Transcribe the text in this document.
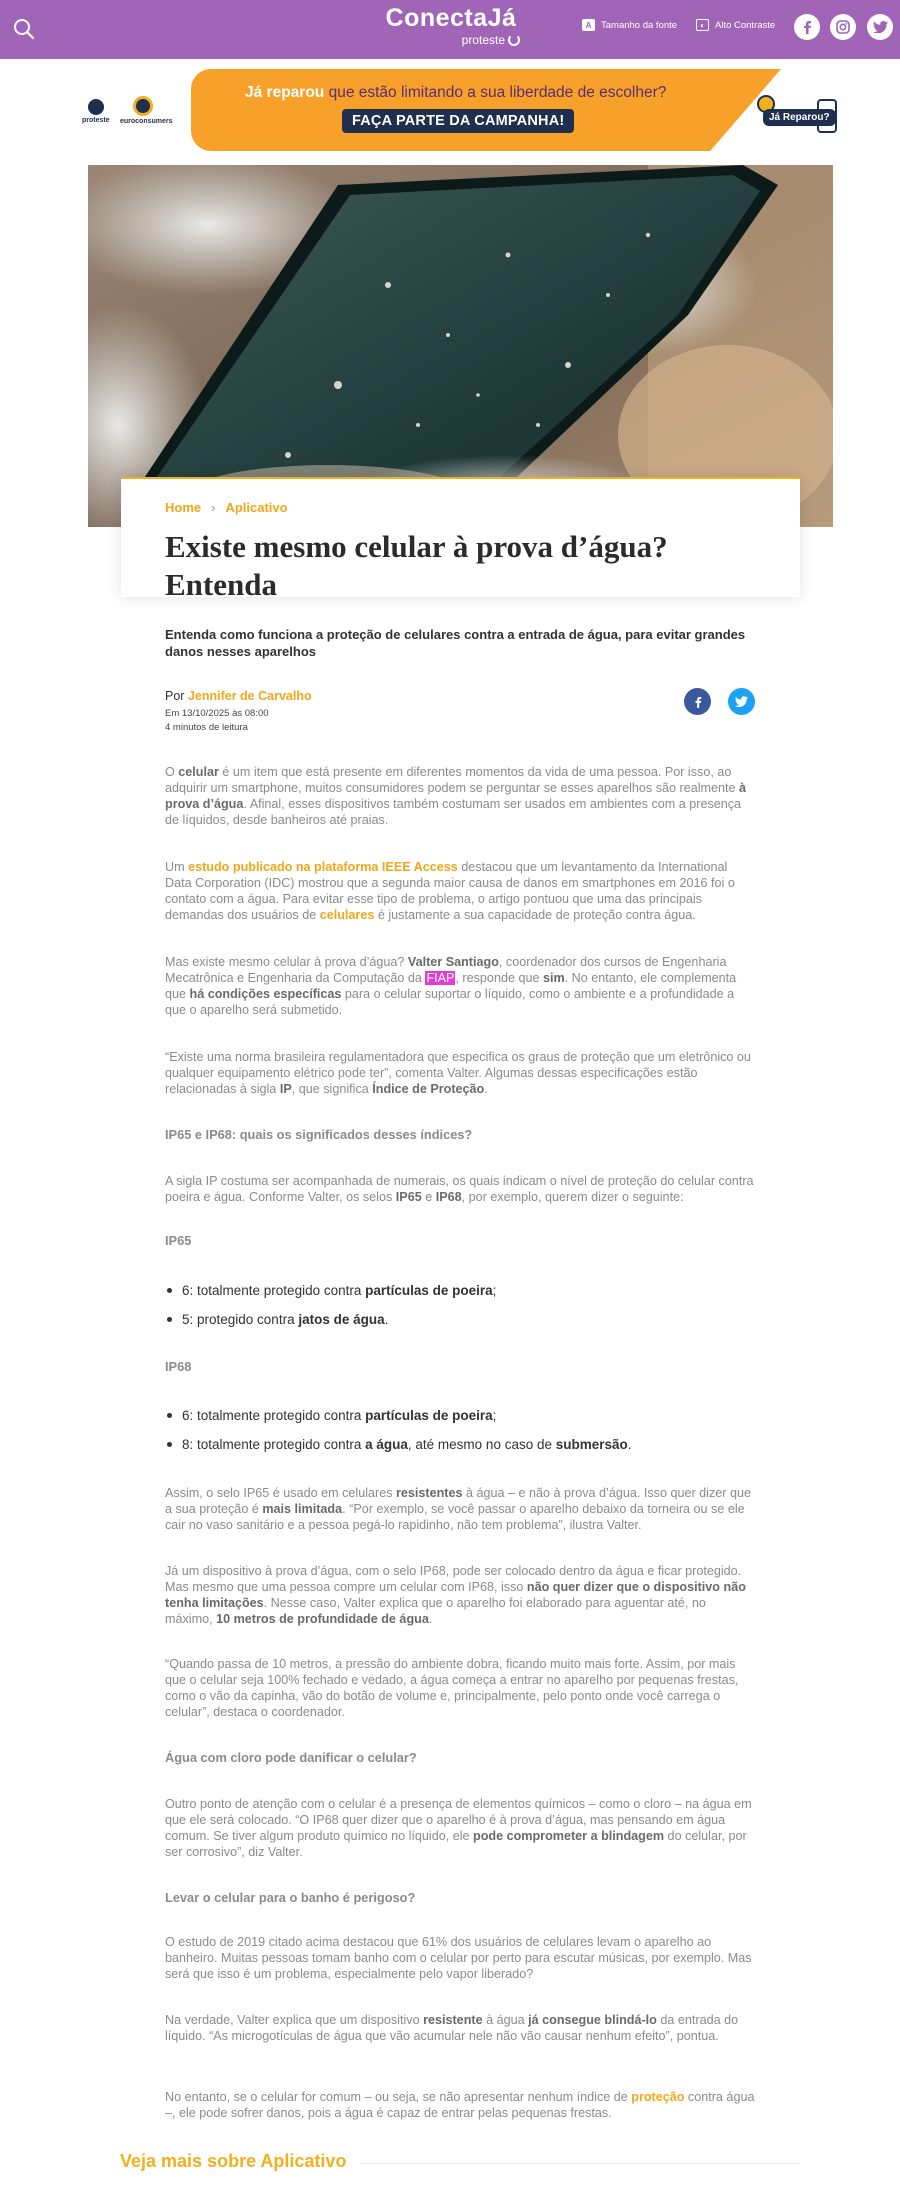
ConectaJá
proteste
A	Tamanho da fonte	◐	Alto Contraste
proteste euroconsumers
Já reparou que estão limitando a sua liberdade de escolher?
FAÇA PARTE DA CAMPANHA!	Já Reparou?
Home › Aplicativo
Existe mesmo celular à prova d’água? Entenda
Entenda como funciona a proteção de celulares contra a entrada de água, para evitar grandes danos nesses aparelhos
Por Jennifer de Carvalho
Em 13/10/2025 às 08:00
4 minutos de leitura
O celular é um item que está presente em diferentes momentos da vida de uma pessoa. Por isso, ao adquirir um smartphone, muitos consumidores podem se perguntar se esses aparelhos são realmente à prova d’água. Afinal, esses dispositivos também costumam ser usados em ambientes com a presença de líquidos, desde banheiros até praias.
Um estudo publicado na plataforma IEEE Access destacou que um levantamento da International Data Corporation (IDC) mostrou que a segunda maior causa de danos em smartphones em 2016 foi o contato com a água. Para evitar esse tipo de problema, o artigo pontuou que uma das principais demandas dos usuários de celulares é justamente a sua capacidade de proteção contra água.
Mas existe mesmo celular à prova d’água? Valter Santiago, coordenador dos cursos de Engenharia Mecatrônica e Engenharia da Computação da FIAP, responde que sim. No entanto, ele complementa que há condições específicas para o celular suportar o líquido, como o ambiente e a profundidade a que o aparelho será submetido.
“Existe uma norma brasileira regulamentadora que especifica os graus de proteção que um eletrônico ou qualquer equipamento elétrico pode ter”, comenta Valter. Algumas dessas especificações estão relacionadas à sigla IP, que significa Índice de Proteção.
IP65 e IP68: quais os significados desses índices?
A sigla IP costuma ser acompanhada de numerais, os quais indicam o nível de proteção do celular contra poeira e água. Conforme Valter, os selos IP65 e IP68, por exemplo, querem dizer o seguinte:
IP65
6: totalmente protegido contra partículas de poeira;
5: protegido contra jatos de água.
IP68
6: totalmente protegido contra partículas de poeira;
8: totalmente protegido contra a água, até mesmo no caso de submersão.
Assim, o selo IP65 é usado em celulares resistentes à água – e não à prova d’água. Isso quer dizer que a sua proteção é mais limitada. “Por exemplo, se você passar o aparelho debaixo da torneira ou se ele cair no vaso sanitário e a pessoa pegá-lo rapidinho, não tem problema”, ilustra Valter.
Já um dispositivo à prova d’água, com o selo IP68, pode ser colocado dentro da água e ficar protegido. Mas mesmo que uma pessoa compre um celular com IP68, isso não quer dizer que o dispositivo não tenha limitações. Nesse caso, Valter explica que o aparelho foi elaborado para aguentar até, no máximo, 10 metros de profundidade de água.
“Quando passa de 10 metros, a pressão do ambiente dobra, ficando muito mais forte. Assim, por mais que o celular seja 100% fechado e vedado, a água começa a entrar no aparelho por pequenas frestas, como o vão da capinha, vão do botão de volume e, principalmente, pelo ponto onde você carrega o celular”, destaca o coordenador.
Água com cloro pode danificar o celular?
Outro ponto de atenção com o celular é a presença de elementos químicos – como o cloro – na água em que ele será colocado. “O IP68 quer dizer que o aparelho é à prova d’água, mas pensando em água comum. Se tiver algum produto químico no líquido, ele pode comprometer a blindagem do celular, por ser corrosivo”, diz Valter.
Levar o celular para o banho é perigoso?
O estudo de 2019 citado acima destacou que 61% dos usuários de celulares levam o aparelho ao banheiro. Muitas pessoas tomam banho com o celular por perto para escutar músicas, por exemplo. Mas será que isso é um problema, especialmente pelo vapor liberado?
Na verdade, Valter explica que um dispositivo resistente à água já consegue blindá-lo da entrada do líquido. “As microgotículas de água que vão acumular nele não vão causar nenhum efeito”, pontua.
No entanto, se o celular for comum – ou seja, se não apresentar nenhum índice de proteção contra água –, ele pode sofrer danos, pois a água é capaz de entrar pelas pequenas frestas.
Veja mais sobre Aplicativo
